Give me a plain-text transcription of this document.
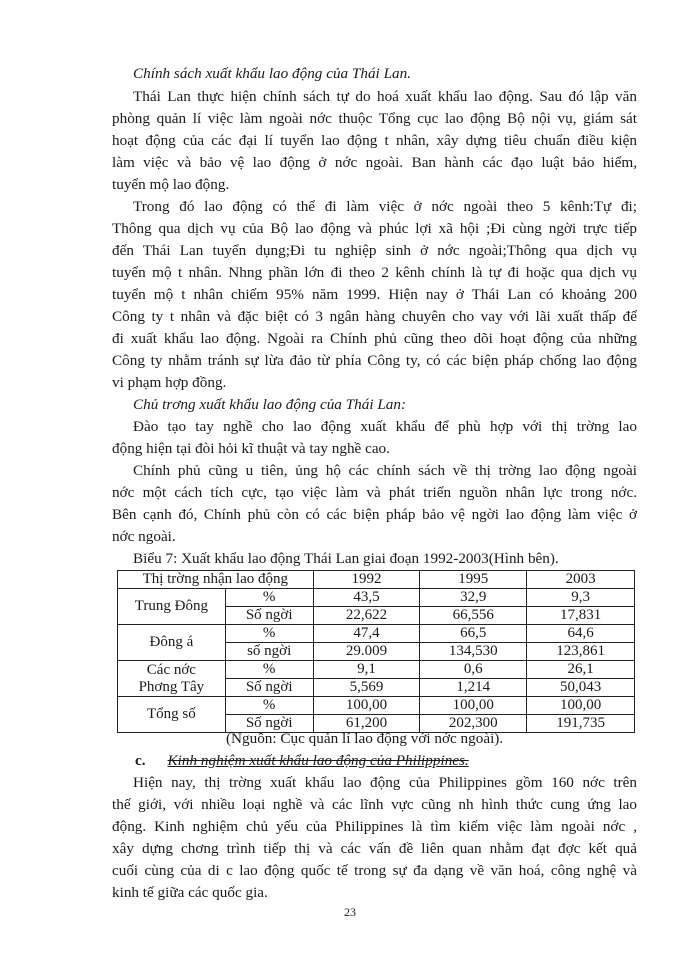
Chính sách xuất khẩu lao động của Thái Lan.
Thái Lan thực hiện chính sách tự do hoá xuất khẩu lao động. Sau đó lập văn
phòng quản lí việc làm ngoài nớc thuộc Tổng cục lao động Bộ nội vụ, giám sát
hoạt động của các đại lí tuyển lao động t nhân, xây dựng tiêu chuẩn điều kiện
làm việc và bảo vệ lao động ở nớc ngoài. Ban hành các đạo luật bảo hiểm,
tuyển mộ lao động.
Trong đó lao động có thể đi làm việc ở nớc ngoài theo 5 kênh:Tự đi;
Thông qua dịch vụ của Bộ lao động và phúc lợi xã hội ;Đi cùng ngời trực tiếp
đến Thái Lan tuyển dụng;Đi tu nghiệp sinh ở nớc ngoài;Thông qua dịch vụ
tuyển mộ t nhân. Nhng phần lớn đi theo 2 kênh chính là tự đi hoặc qua dịch vụ
tuyển mộ t nhân chiếm 95% năm 1999. Hiện nay ở Thái Lan có khoảng 200
Công ty t nhân và đặc biệt có 3 ngân hàng chuyên cho vay với lãi xuất thấp để
đi xuất khẩu lao động. Ngoài ra Chính phủ cũng theo dõi hoạt động của những
Công ty nhằm tránh sự lừa đảo từ phía Công ty, có các biện pháp chống lao động
vi phạm hợp đồng.
Chủ trơng xuất khẩu lao động của Thái Lan:
Đào tạo tay nghề cho lao động xuất khẩu để phù hợp với thị trờng lao
động hiện tại đòi hỏi kĩ thuật và tay nghề cao.
Chính phủ cũng u tiên, ủng hộ các chính sách về thị trờng lao động ngoài
nớc một cách tích cực, tạo việc làm và phát triển nguồn nhân lực trong nớc.
Bên cạnh đó, Chính phủ còn có các biện pháp bảo vệ ngời lao động làm việc ở
nớc ngoài.
Biểu 7: Xuất khẩu lao động Thái Lan giai đoạn 1992-2003(Hình bên).
Thị trờng nhận lao động		1992	1995	2003
Trung Đông	%	43,5	32,9	9,3
	Số ngời	22,622	66,556	17,831
Đông á	%	47,4	66,5	64,6
	số ngời	29.009	134,530	123,861

Các nớc
Phơng Tây	%	9,1	0,6	26,1
	Số ngời	5,569	1,214	50,043
Tổng số	%	100,00	100,00	100,00
	Số ngời	61,200	202,300	191,735
(Nguồn: Cục quản lí lao động với nớc ngoài).
c. Kinh nghiệm xuất khẩu lao động của Philippines.
Hiện nay, thị trờng xuất khẩu lao động của Philippines gồm 160 nớc trên
thế giới, với nhiều loại nghề và các lĩnh vực cũng nh hình thức cung ứng lao
động. Kinh nghiệm chủ yếu của Philippines là tìm kiếm việc làm ngoài nớc ,
xây dựng chơng trình tiếp thị và các vấn đề liên quan nhằm đạt đợc kết quả
cuối cùng của di c lao động quốc tế trong sự đa dạng về văn hoá, công nghệ và
kinh tế giữa các quốc gia.
23
